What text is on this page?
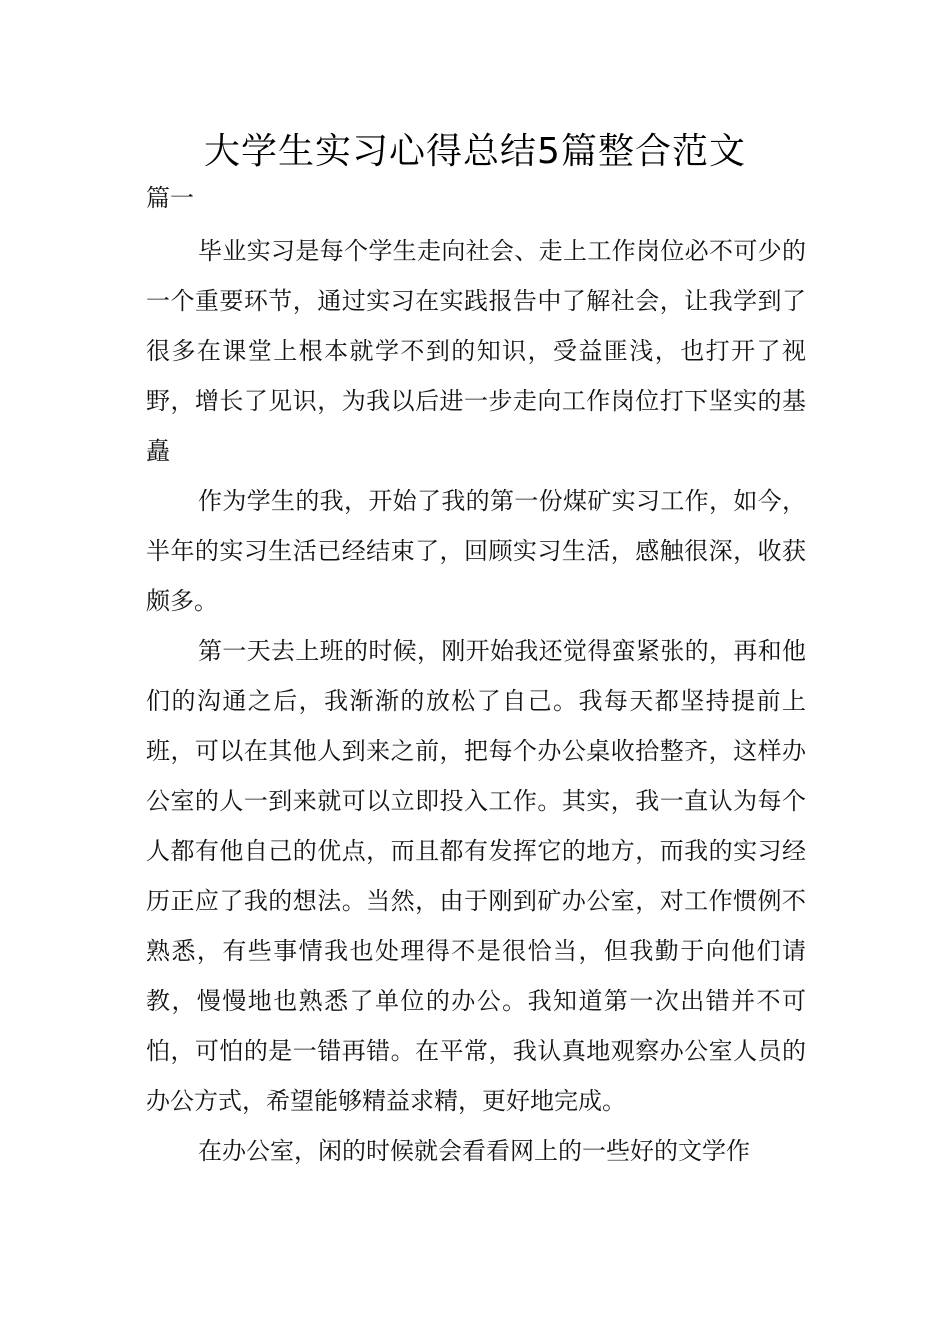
大学生实习心得总结5篇整合范文
篇一

毕业实习是每个学生走向社会、走上工作岗位必不可少的一个重要环节，通过实习在实践报告中了解社会，让我学到了很多在课堂上根本就学不到的知识，受益匪浅，也打开了视野，增长了见识，为我以后进一步走向工作岗位打下坚实的基矗

作为学生的我，开始了我的第一份煤矿实习工作，如今，半年的实习生活已经结束了，回顾实习生活，感触很深，收获颇多。

第一天去上班的时候，刚开始我还觉得蛮紧张的，再和他们的沟通之后，我渐渐的放松了自己。我每天都坚持提前上班，可以在其他人到来之前，把每个办公桌收拾整齐，这样办公室的人一到来就可以立即投入工作。其实，我一直认为每个人都有他自己的优点，而且都有发挥它的地方，而我的实习经历正应了我的想法。当然，由于刚到矿办公室，对工作惯例不熟悉，有些事情我也处理得不是很恰当，但我勤于向他们请教，慢慢地也熟悉了单位的办公。我知道第一次出错并不可怕，可怕的是一错再错。在平常，我认真地观察办公室人员的办公方式，希望能够精益求精，更好地完成。

在办公室，闲的时候就会看看网上的一些好的文学作
